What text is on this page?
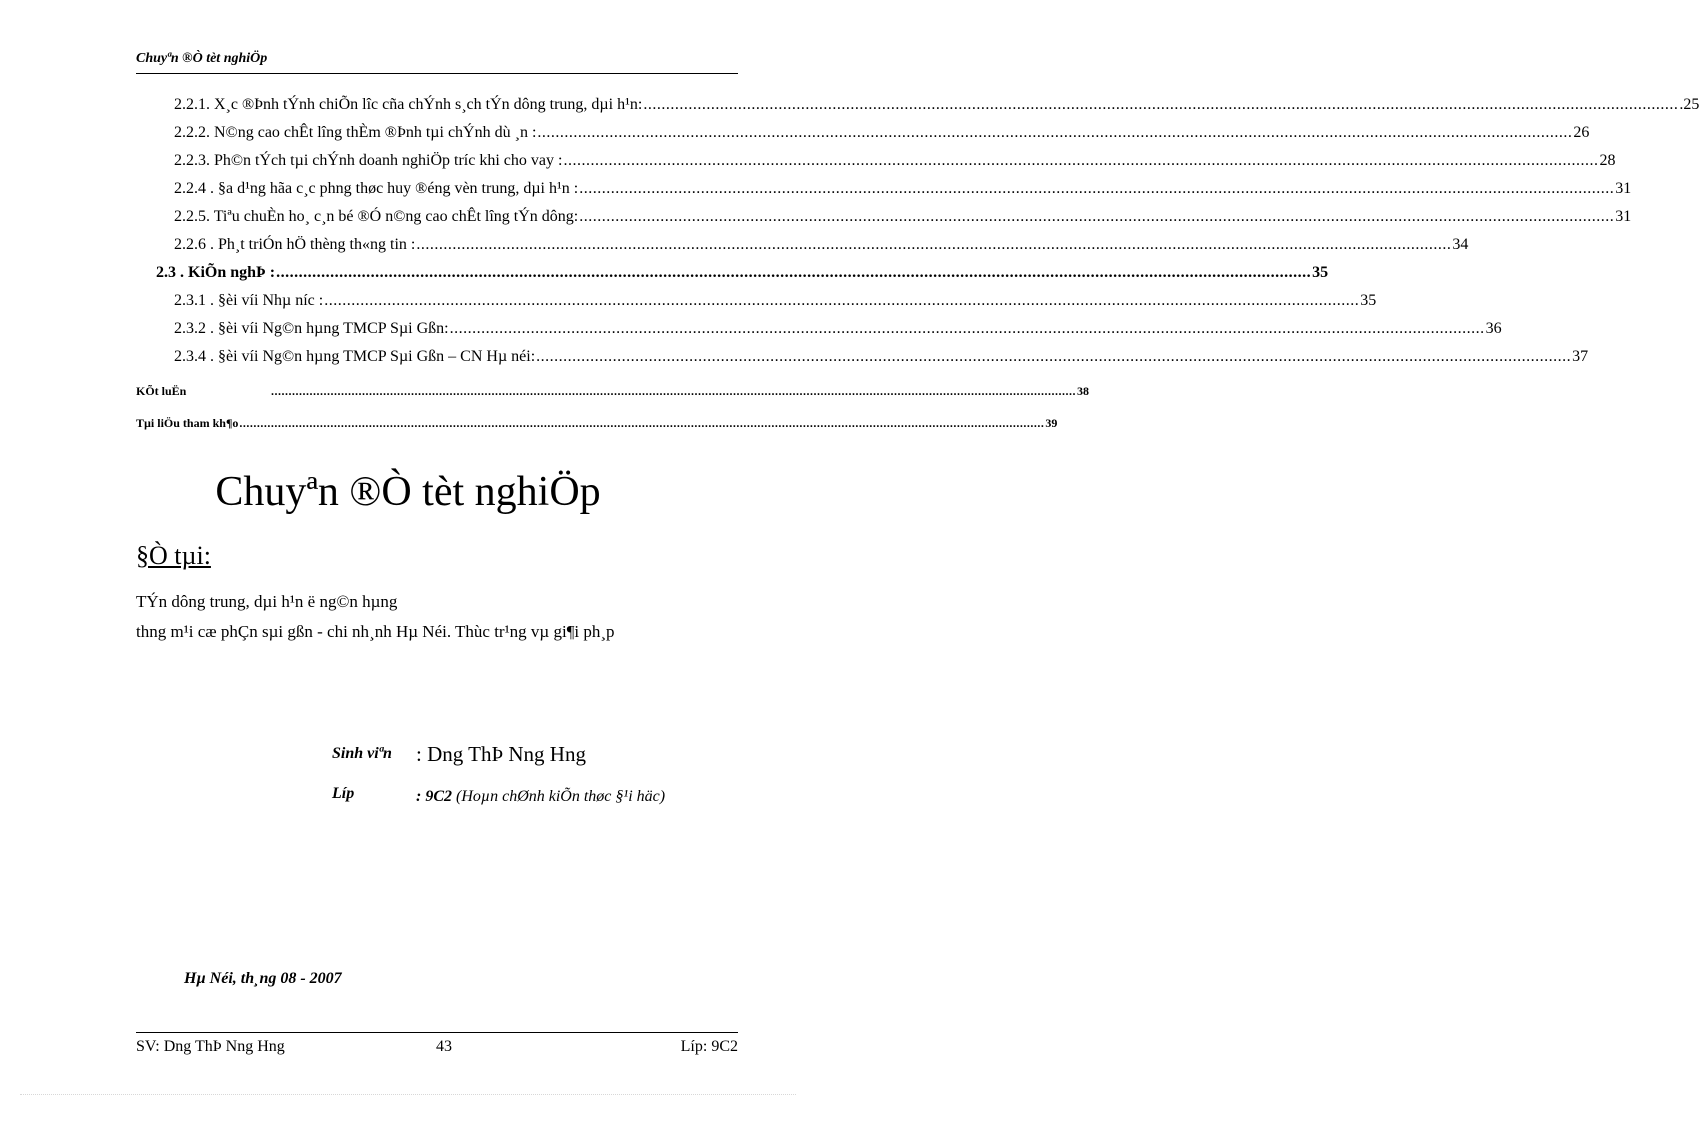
Chuyªn ®Ò tèt nghiÖp
2.2.1. X¸c ®Þnh tÝnh chiÕn lîc cña chÝnh s¸ch tÝn dông trung, dµi h¹n: ...................................................................................................................................................................................................................................... .25
2.2.2. N©ng cao chÊt lîng thÈm ®Þnh tµi chÝnh dù ¸n : ...................................................................................................................................................................................................................................... 26
2.2.3. Ph©n tÝch tµi chÝnh doanh nghiÖp tríc khi cho vay : ...................................................................................................................................................................................................................................... 28
2.2.4 . §a d¹ng hãa c¸c phng thøc huy ®éng vèn trung, dµi h¹n : ...................................................................................................................................................................................................................................... 31
2.2.5. Tiªu chuÈn ho¸ c¸n bé ®Ó n©ng cao chÊt lîng tÝn dông: ...................................................................................................................................................................................................................................... 31
2.2.6 . Ph¸t triÓn hÖ thèng th«ng tin : ...................................................................................................................................................................................................................................... 34
2.3 . KiÕn nghÞ : ...................................................................................................................................................................................................................................... 35
2.3.1 . §èi víi Nhµ níc : ...................................................................................................................................................................................................................................... 35
2.3.2 . §èi víi Ng©n hµng TMCP Sµi Gßn: ...................................................................................................................................................................................................................................... 36
2.3.4 . §èi víi Ng©n hµng TMCP Sµi Gßn – CN Hµ néi: ...................................................................................................................................................................................................................................... 37
KÕt luËn	...................................................................................................................................................................................................................................... 38
Tµi liÖu tham kh¶o ...................................................................................................................................................................................................................................... 39
Chuyªn ®Ò tèt nghiÖp
§Ò tµi:
TÝn dông trung, dµi h¹n ë ng©n hµng
thng m¹i cæ phÇn sµi gßn - chi nh¸nh Hµ Néi. Thùc tr¹ng vµ gi¶i ph¸p
Sinh viªn : Dng ThÞ Nng Hng
Líp	: 9C2 (Hoµn chØnh kiÕn thøc §¹i häc)
Hµ Néi, th¸ng 08 - 2007
SV: Dng ThÞ Nng Hng	43	Líp: 9C2
